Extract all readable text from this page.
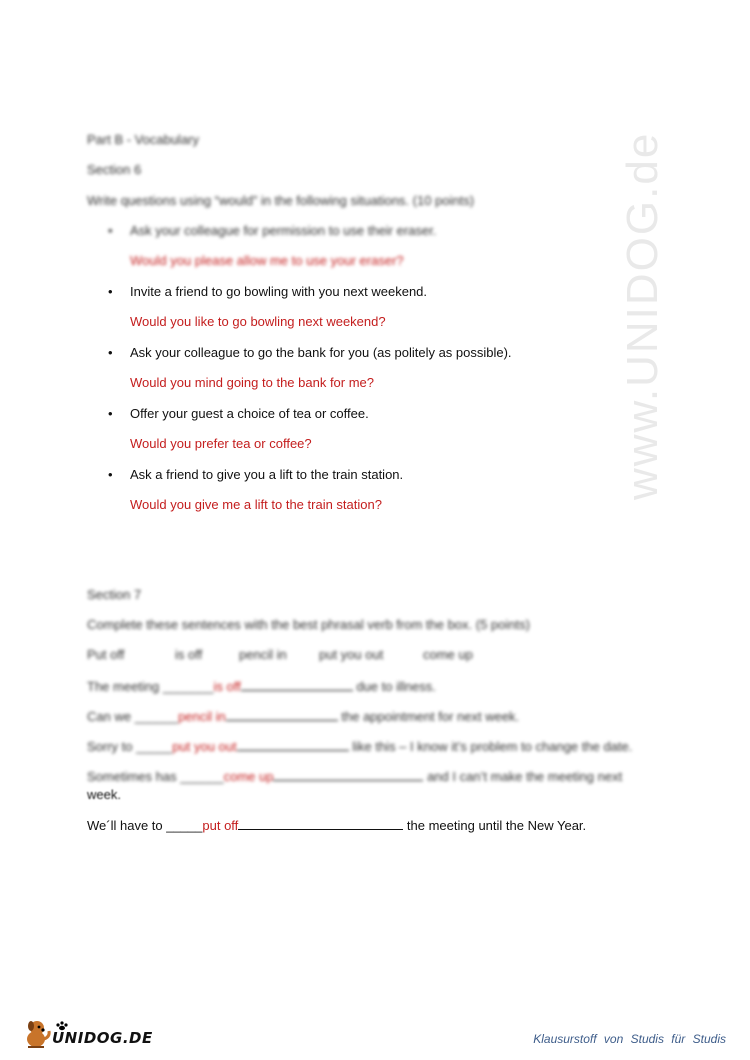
www.UNIDOG.de
Part B - Vocabulary
Section 6
Write questions using “would” in the following situations. (10 points)
• Ask your colleague for permission to use their eraser.
Would you please allow me to use your eraser?
• Invite a friend to go bowling with you next weekend.
Would you like to go bowling next weekend?
• Ask your colleague to go the bank for you (as politely as possible).
Would you mind going to the bank for me?
• Offer your guest a choice of tea or coffee.
Would you prefer tea or coffee?
• Ask a friend to give you a lift to the train station.
Would you give me a lift to the train station?
Section 7
Complete these sentences with the best phrasal verb from the box. (5 points)
Put off	is off	pencil in put you out	come up
The meeting _______is off	due to illness.
Can we ______pencil in	the appointment for next week.
Sorry to _____put you out	like this – I know it’s problem to change the date.
Sometimes has ______come up	and I can’t make the meeting next
week.
We´ll have to _____put off	the meeting until the New Year.
UNIDOG.DE	Klausurstoff von Studis für Studis
